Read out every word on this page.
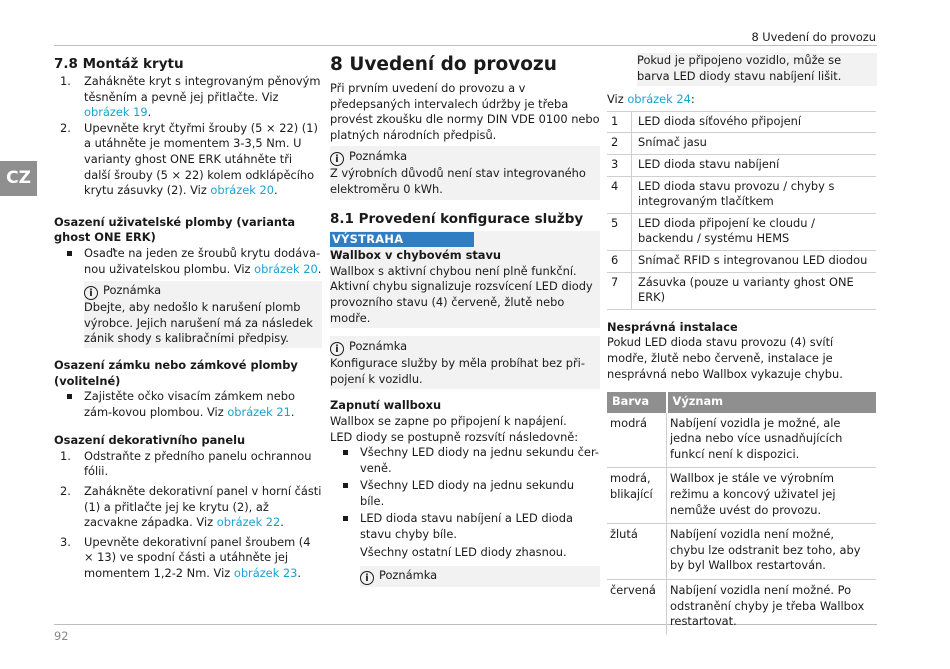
8 Uvedení do provozu
92
CZ
7.8 Montáž krytu
1. Zahákněte kryt s integrovaným pěnovým těsněním a pevně jej přitlačte. Viz obrázek 19.
2. Upevněte kryt čtyřmi šrouby (5 × 22) (1) a utáhněte je momentem 3-3,5 Nm. U varianty ghost ONE ERK utáhněte tři další šrouby (5 × 22) kolem odklápěcího krytu zásuvky (2). Viz obrázek 20.
Osazení uživatelské plomby (varianta ghost ONE ERK)
Osaďte na jeden ze šroubů krytu dodáva-nou uživatelskou plombu. Viz obrázek 20.
i Poznámka

Dbejte, aby nedošlo k narušení plomb výrobce. Jejich narušení má za následek zánik shody s kalibračními předpisy.

Osazení zámku nebo zámkové plomby (volitelné)
Zajistěte očko visacím zámkem nebo zám-kovou plombou. Viz obrázek 21.
Osazení dekorativního panelu
1. Odstraňte z předního panelu ochrannou fólii.
2. Zahákněte dekorativní panel v horní části (1) a přitlačte jej ke krytu (2), až zacvakne západka. Viz obrázek 22.
3. Upevněte dekorativní panel šroubem (4 × 13) ve spodní části a utáhněte jej momentem 1,2-2 Nm. Viz obrázek 23.
8 Uvedení do provozu

Při prvním uvedení do provozu a v předepsaných intervalech údržby je třeba provést zkoušku dle normy DIN VDE 0100 nebo platných národních předpisů.

i Poznámka

Z výrobních důvodů není stav integrovaného elektroměru 0 kWh.

8.1 Provedení konfigurace služby
VÝSTRAHA
Wallbox v chybovém stavu

Wallbox s aktivní chybou není plně funkční. Aktivní chybu signalizuje rozsvícení LED diody provozního stavu (4) červeně, žlutě nebo modře.

i Poznámka

Konfigurace služby by měla probíhat bez při-pojení k vozidlu.

Zapnutí wallboxu

Wallbox se zapne po připojení k napájení.

LED diody se postupně rozsvítí následovně:

Všechny LED diody na jednu sekundu čer-veně.
Všechny LED diody na jednu sekundu bíle.
LED dioda stavu nabíjení a LED dioda stavu chyby bíle.

Všechny ostatní LED diody zhasnou.

i Poznámka

Pokud je připojeno vozidlo, může se barva LED diody stavu nabíjení lišit.

Viz obrázek 24:

1	LED dioda síťového připojení
2	Snímač jasu
3	LED dioda stavu nabíjení
4	LED dioda stavu provozu / chyby s integrovaným tlačítkem
5	LED dioda připojení ke cloudu / backendu / systému HEMS
6	Snímač RFID s integrovanou LED diodou
7	Zásuvka (pouze u varianty ghost ONE ERK)
Nesprávná instalace

Pokud LED dioda stavu provozu (4) svítí modře, žlutě nebo červeně, instalace je nesprávná nebo Wallbox vykazuje chybu.

Barva	Význam
modrá	Nabíjení vozidla je možné, ale jedna nebo více usnadňujících funkcí není k dispozici.
modrá, blikající	Wallbox je stále ve výrobním režimu a koncový uživatel jej nemůže uvést do provozu.
žlutá	Nabíjení vozidla není možné, chybu lze odstranit bez toho, aby by byl Wallbox restartován.
červená	Nabíjení vozidla není možné. Po odstranění chyby je třeba Wallbox restartovat.
